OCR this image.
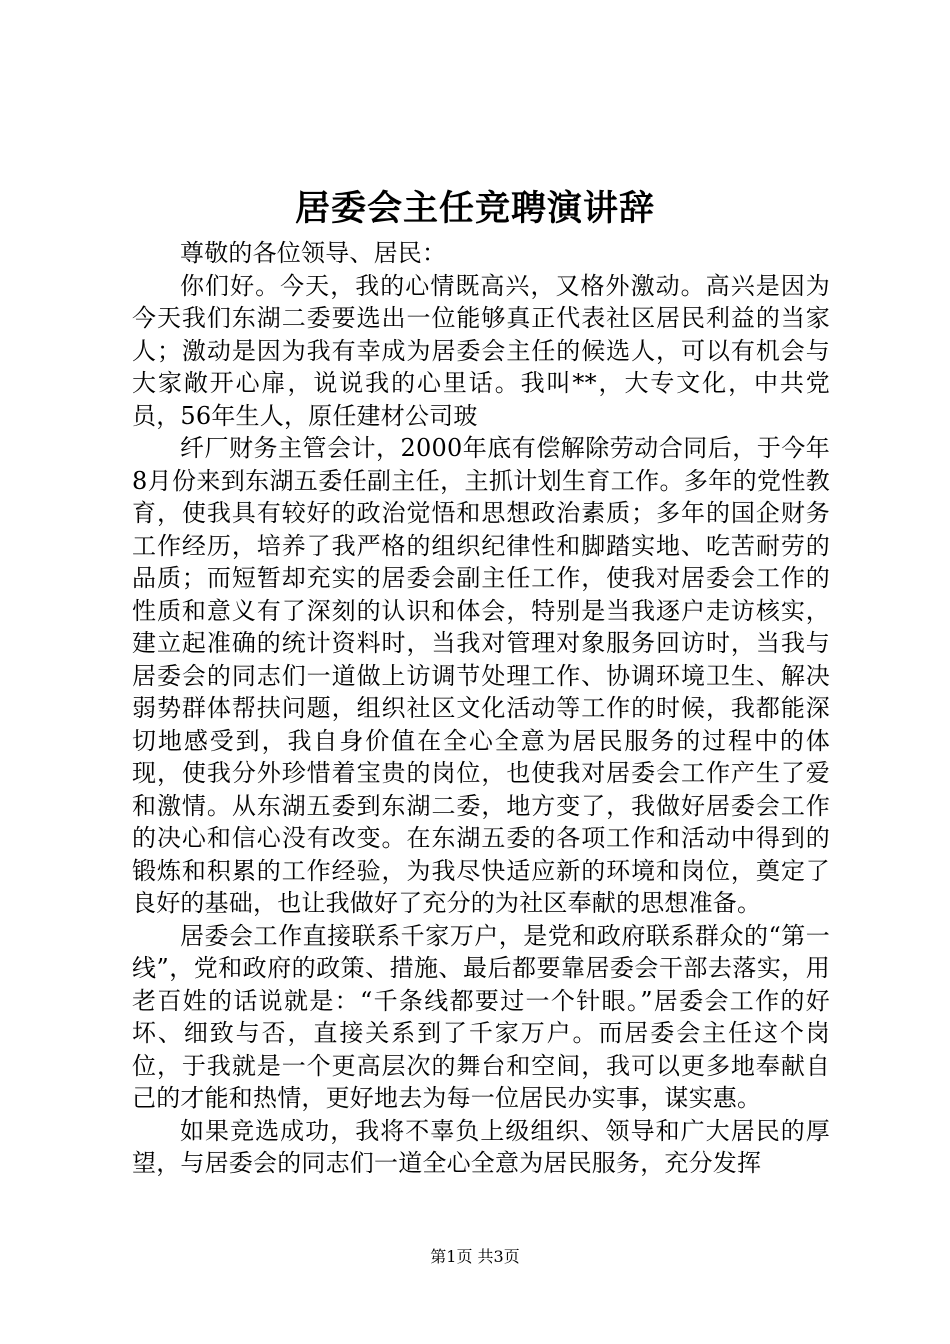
居委会主任竞聘演讲辞

尊敬的各位领导、居民：

你们好。今天，我的心情既高兴，又格外激动。高兴是因为今天我们东湖二委要选出一位能够真正代表社区居民利益的当家人；激动是因为我有幸成为居委会主任的候选人，可以有机会与大家敞开心扉，说说我的心里话。我叫**，大专文化，中共党员，56年生人，原任建材公司玻

纤厂财务主管会计，2000年底有偿解除劳动合同后，于今年8月份来到东湖五委任副主任，主抓计划生育工作。多年的党性教育，使我具有较好的政治觉悟和思想政治素质；多年的国企财务工作经历，培养了我严格的组织纪律性和脚踏实地、吃苦耐劳的品质；而短暂却充实的居委会副主任工作，使我对居委会工作的性质和意义有了深刻的认识和体会，特别是当我逐户走访核实，建立起准确的统计资料时，当我对管理对象服务回访时，当我与居委会的同志们一道做上访调节处理工作、协调环境卫生、解决弱势群体帮扶问题，组织社区文化活动等工作的时候，我都能深切地感受到，我自身价值在全心全意为居民服务的过程中的体现，使我分外珍惜着宝贵的岗位，也使我对居委会工作产生了爱和激情。从东湖五委到东湖二委，地方变了，我做好居委会工作的决心和信心没有改变。在东湖五委的各项工作和活动中得到的锻炼和积累的工作经验，为我尽快适应新的环境和岗位，奠定了良好的基础，也让我做好了充分的为社区奉献的思想准备。

居委会工作直接联系千家万户，是党和政府联系群众的“第一线”，党和政府的政策、措施、最后都要靠居委会干部去落实，用老百姓的话说就是：“千条线都要过一个针眼。”居委会工作的好坏、细致与否，直接关系到了千家万户。而居委会主任这个岗位，于我就是一个更高层次的舞台和空间，我可以更多地奉献自己的才能和热情，更好地去为每一位居民办实事，谋实惠。

如果竞选成功，我将不辜负上级组织、领导和广大居民的厚望，与居委会的同志们一道全心全意为居民服务，充分发挥

第1页 共3页
